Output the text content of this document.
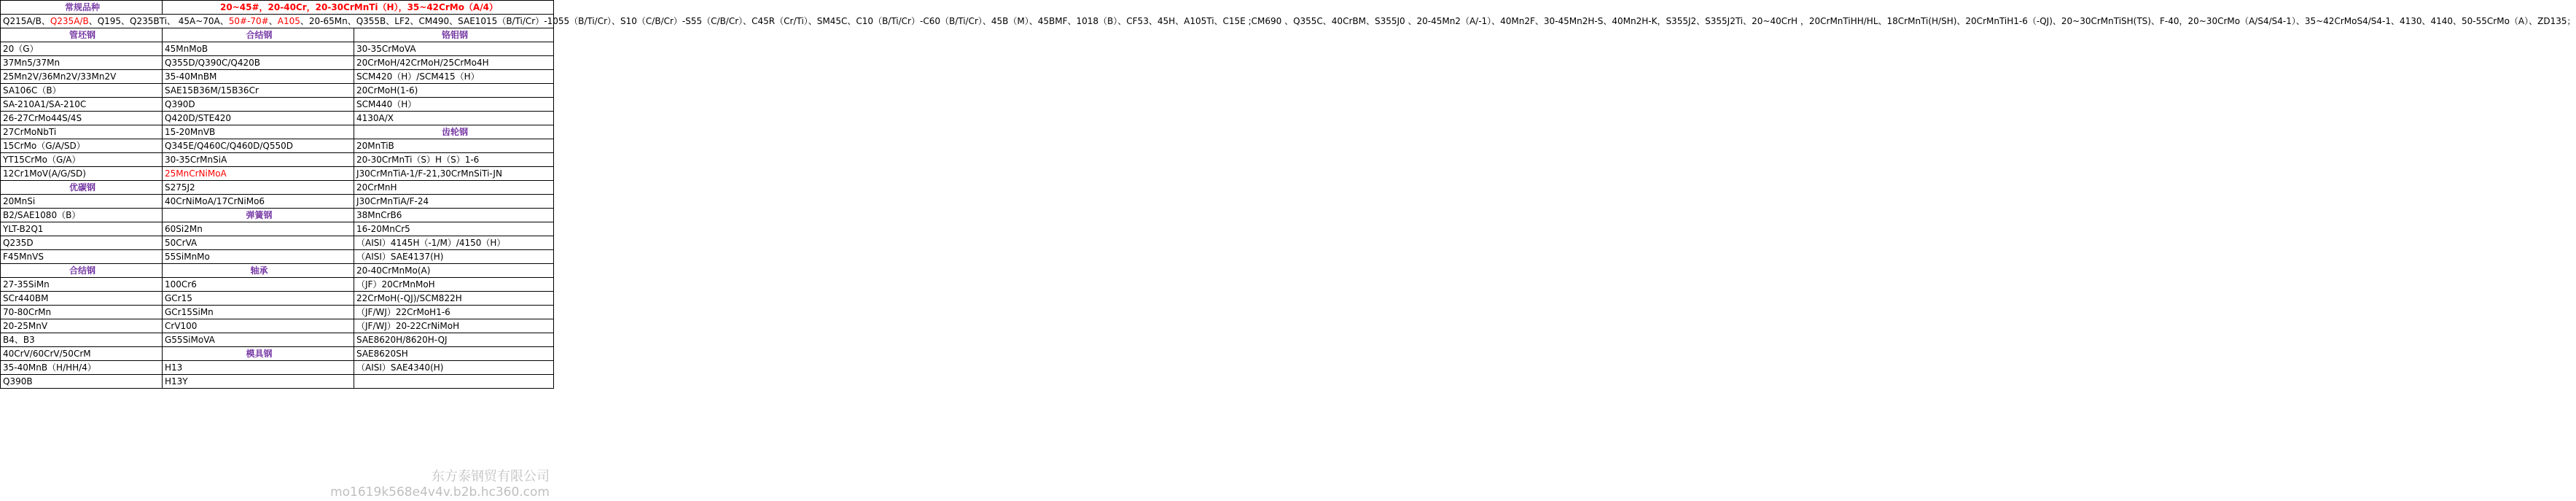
常规品种	20~45#，20-40Cr，20-30CrMnTi（H），35~42CrMo（A/4）	
Q215A/B、Q235A/B、Q195、Q235BTi、 45A~70A、50#-70#、A105、20-65Mn、Q355B、LF2、CM490、SAE1015（B/Ti/Cr）-1055（B/Ti/Cr）、S10（C/B/Cr）-S55（C/B/Cr）、C45R（Cr/Ti）、SM45C、C10（B/Ti/Cr）-C60（B/Ti/Cr）、45B（M）、45BMF、1018（B）、CF53、45H、A105Ti、C15E ;CM690 、Q355C、40CrBM、S355J0 、20-45Mn2（A/-1）、40Mn2F、30-45Mn2H-S、40Mn2H-K，S355J2、S355J2Ti、20~40CrH ，20CrMnTiHH/HL、18CrMnTi(H/SH)、20CrMnTiH1-6（-QJ)、20~30CrMnTiSH(TS)、F-40，20~30CrMo（A/S4/S4-1）、35~42CrMoS4/S4-1、4130、4140、50-55CrMo（A）、ZD135；		
管坯钢	合结钢	铬钼钢
20（G）	45MnMoB	30-35CrMoVA
37Mn5/37Mn	Q355D/Q390C/Q420B	20CrMoH/42CrMoH/25CrMo4H
25Mn2V/36Mn2V/33Mn2V	35-40MnBM	SCM420（H）/SCM415（H）
SA106C（B）	SAE15B36M/15B36Cr	20CrMoH(1-6)
SA-210A1/SA-210C	Q390D	SCM440（H）
26-27CrMo44S/4S	Q420D/STE420	4130A/X
27CrMoNbTi	15-20MnVB	齿轮钢
15CrMo（G/A/SD）	Q345E/Q460C/Q460D/Q550D	20MnTiB
YT15CrMo（G/A）	30-35CrMnSiA	20-30CrMnTi（S）H（S）1-6
12Cr1MoV(A/G/SD)	25MnCrNiMoA	J30CrMnTiA-1/F-21,30CrMnSiTi-JN
优碳钢	S275J2	20CrMnH
20MnSi	40CrNiMoA/17CrNiMo6	J30CrMnTiA/F-24
B2/SAE1080（B）	弹簧钢	38MnCrB6
YLT-B2Q1	60Si2Mn	16-20MnCr5
Q235D	50CrVA	（AISI）4145H（-1/M）/4150（H）
F45MnVS	55SiMnMo	（AISI）SAE4137(H)
合结钢	轴承	20-40CrMnMo(A)
27-35SiMn	100Cr6	（JF）20CrMnMoH
SCr440BM	GCr15	22CrMoH(-QJ)/SCM822H
70-80CrMn	GCr15SiMn	（JF/WJ）22CrMoH1-6
20-25MnV	CrV100	（JF/WJ）20-22CrNiMoH
B4、B3	G55SiMoVA	SAE8620H/8620H-QJ
40CrV/60CrV/50CrM	模具钢	SAE8620SH
35-40MnB（H/HH/4）	H13	（AISI）SAE4340(H)
Q390B	H13Y	
东方泰钢贸有限公司
mo1619k568e4v4v.b2b.hc360.com
